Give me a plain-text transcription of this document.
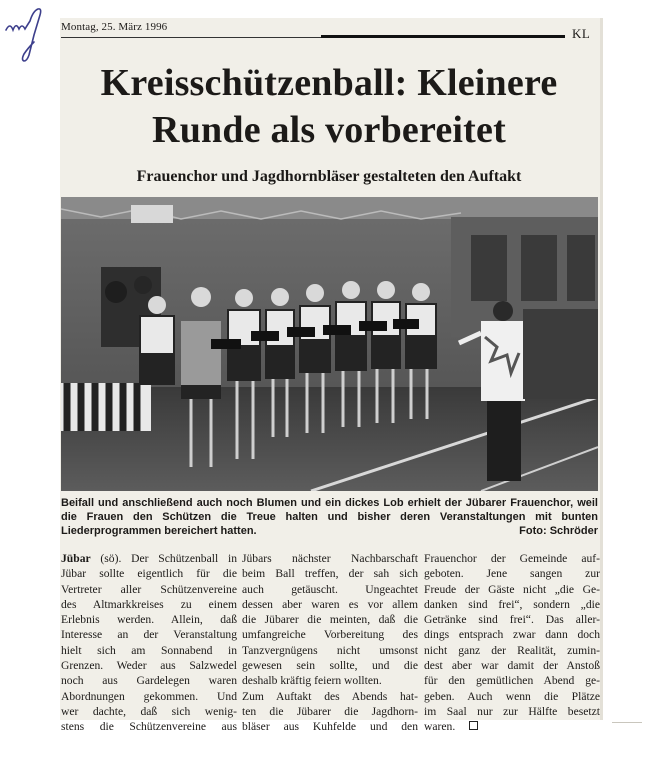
Montag, 25. März 1996	KL
Kreisschützenball: Kleinere
Runde als vorbereitet
Frauenchor und Jagdhornbläser gestalteten den Auftakt

Beifall und anschließend auch noch Blumen und ein dickes Lob erhielt der Jübarer Frauenchor, weil die Frauen den Schützen die Treue halten und bisher deren Veranstaltungen mit bunten Liederprogrammen bereichert hatten.	Foto: Schröder

Jübar (sö). Der Schützenball in

Jübar sollte eigentlich für die

Vertreter aller Schützenvereine

des Altmarkkreises zu einem

Erlebnis werden. Allein, daß

Interesse an der Veranstaltung

hielt sich am Sonnabend in

Grenzen. Weder aus Salzwedel

noch aus Gardelegen waren

Abordnungen gekommen. Und

wer dachte, daß sich wenig-

stens die Schützenvereine aus

Jübars nächster Nachbarschaft

beim Ball treffen, der sah sich

auch getäuscht. Ungeachtet

dessen aber waren es vor allem

die Jübarer die meinten, daß die

umfangreiche Vorbereitung des

Tanzvergnügens nicht umsonst

gewesen sein sollte, und die

deshalb kräftig feiern wollten.

Zum Auftakt des Abends hat-

ten die Jübarer die Jagdhorn-

bläser aus Kuhfelde und den

Frauenchor der Gemeinde auf-

geboten. Jene sangen zur

Freude der Gäste nicht „die Ge-

danken sind frei“, sondern „die

Getränke sind frei“. Das aller-

dings entsprach zwar dann doch

nicht ganz der Realität, zumin-

dest aber war damit der Anstoß

für den gemütlichen Abend ge-

geben. Auch wenn die Plätze

im Saal nur zur Hälfte besetzt

waren.
